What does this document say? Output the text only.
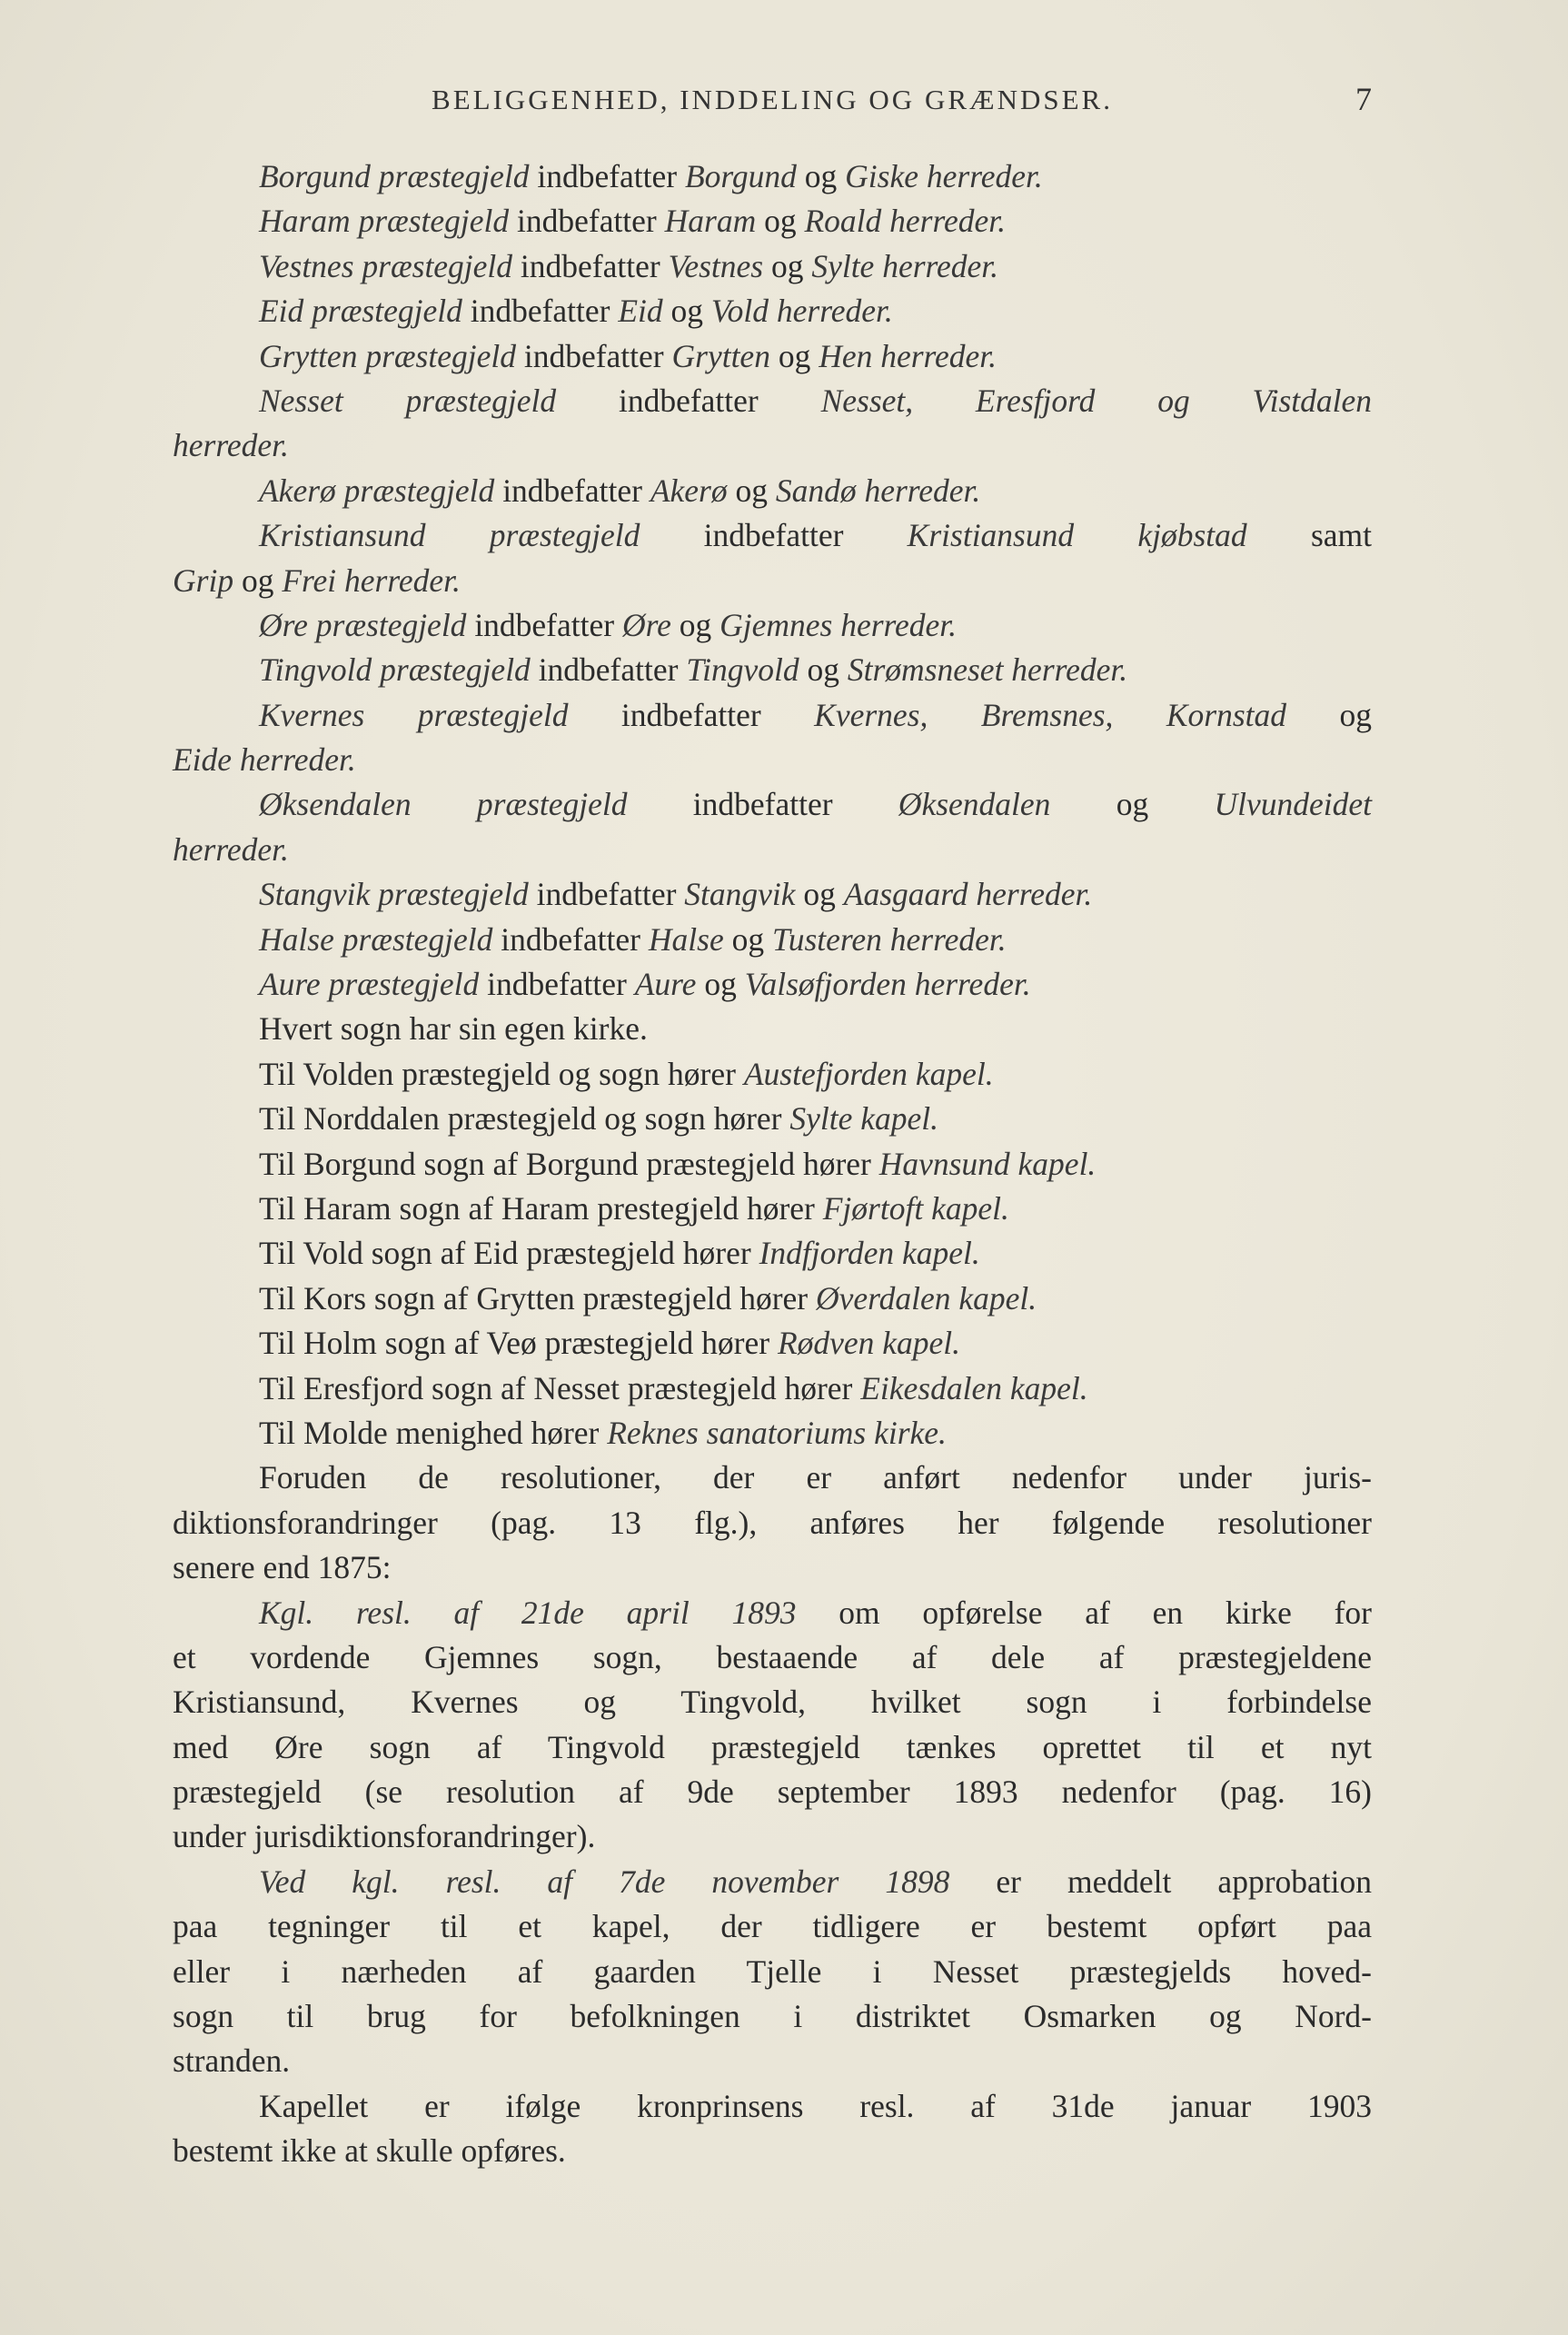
BELIGGENHED, INDDELING OG GRÆNDSER.	7
Borgund præstegjeld indbefatter Borgund og Giske herreder.
Haram præstegjeld indbefatter Haram og Roald herreder.
Vestnes præstegjeld indbefatter Vestnes og Sylte herreder.
Eid præstegjeld indbefatter Eid og Vold herreder.
Grytten præstegjeld indbefatter Grytten og Hen herreder.
Nesset præstegjeld indbefatter Nesset, Eresfjord og Vistdalen
herreder.
Akerø præstegjeld indbefatter Akerø og Sandø herreder.
Kristiansund præstegjeld indbefatter Kristiansund kjøbstad samt
Grip og Frei herreder.
Øre præstegjeld indbefatter Øre og Gjemnes herreder.
Tingvold præstegjeld indbefatter Tingvold og Strømsneset herreder.
Kvernes præstegjeld indbefatter Kvernes, Bremsnes, Kornstad og
Eide herreder.
Øksendalen præstegjeld indbefatter Øksendalen og Ulvundeidet
herreder.
Stangvik præstegjeld indbefatter Stangvik og Aasgaard herreder.
Halse præstegjeld indbefatter Halse og Tusteren herreder.
Aure præstegjeld indbefatter Aure og Valsøfjorden herreder.
Hvert sogn har sin egen kirke.
Til Volden præstegjeld og sogn hører Austefjorden kapel.
Til Norddalen præstegjeld og sogn hører Sylte kapel.
Til Borgund sogn af Borgund præstegjeld hører Havnsund kapel.
Til Haram sogn af Haram prestegjeld hører Fjørtoft kapel.
Til Vold sogn af Eid præstegjeld hører Indfjorden kapel.
Til Kors sogn af Grytten præstegjeld hører Øverdalen kapel.
Til Holm sogn af Veø præstegjeld hører Rødven kapel.
Til Eresfjord sogn af Nesset præstegjeld hører Eikesdalen kapel.
Til Molde menighed hører Reknes sanatoriums kirke.
Foruden de resolutioner, der er anført nedenfor under juris-
diktionsforandringer (pag. 13 flg.), anføres her følgende resolutioner
senere end 1875:
Kgl. resl. af 21de april 1893 om opførelse af en kirke for
et vordende Gjemnes sogn, bestaaende af dele af præstegjeldene
Kristiansund, Kvernes og Tingvold, hvilket sogn i forbindelse
med Øre sogn af Tingvold præstegjeld tænkes oprettet til et nyt
præstegjeld (se resolution af 9de september 1893 nedenfor (pag. 16)
under jurisdiktionsforandringer).
Ved kgl. resl. af 7de november 1898 er meddelt approbation
paa tegninger til et kapel, der tidligere er bestemt opført paa
eller i nærheden af gaarden Tjelle i Nesset præstegjelds hoved-
sogn til brug for befolkningen i distriktet Osmarken og Nord-
stranden.
Kapellet er ifølge kronprinsens resl. af 31de januar 1903
bestemt ikke at skulle opføres.
